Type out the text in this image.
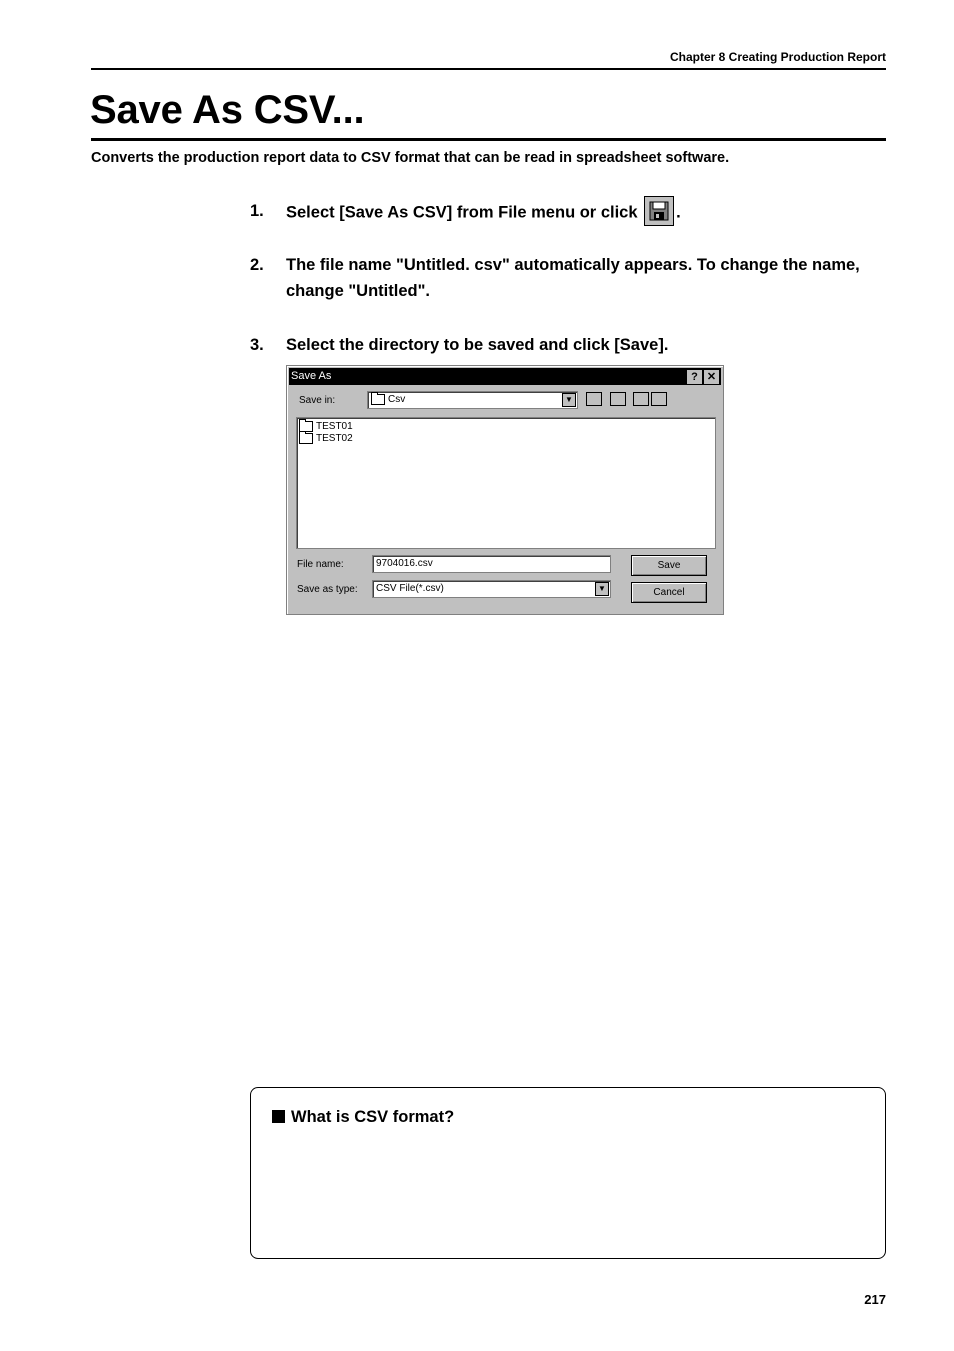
Chapter 8 Creating Production Report
Save As CSV...
Converts the production report data to CSV format that can be read in spreadsheet software.
1. Select [Save As CSV] from File menu or click .
2. The file name "Untitled. csv" automatically appears. To change the name, change "Untitled".
3. Select the directory to be saved and click [Save].
Save As	? ✕
Save in:	Csv	▼
TEST01
TEST02
File name:	9704016.csv
Save as type:	CSV File(*.csv)	▼
Save
Cancel
What is CSV format?
217
